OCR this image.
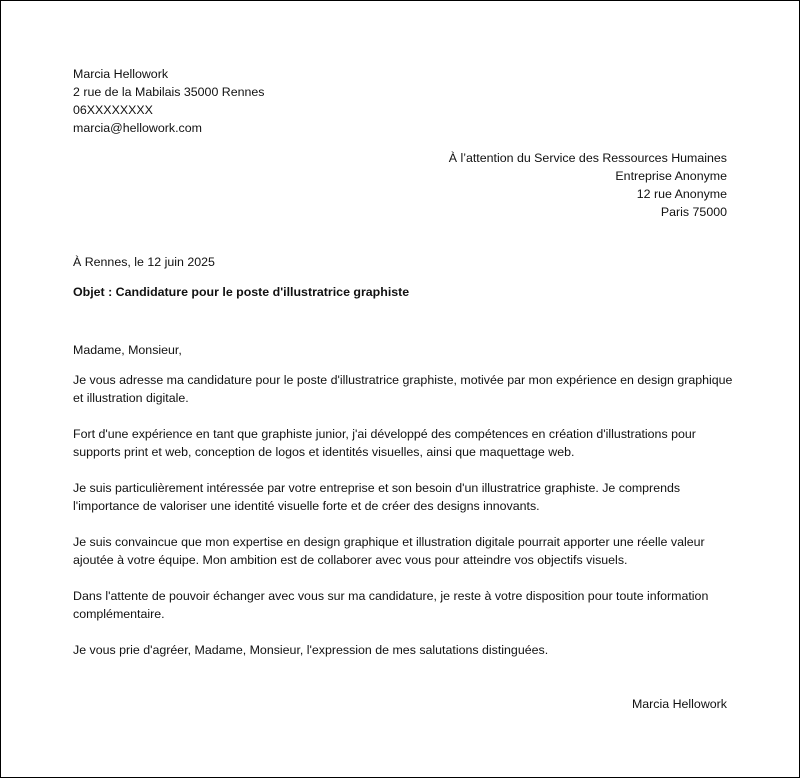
Marcia Hellowork
2 rue de la Mabilais 35000 Rennes
06XXXXXXXX
marcia@hellowork.com
À l’attention du Service des Ressources Humaines
Entreprise Anonyme
12 rue Anonyme
Paris 75000
À Rennes, le 12 juin 2025
Objet : Candidature pour le poste d'illustratrice graphiste
Madame, Monsieur,
Je vous adresse ma candidature pour le poste d'illustratrice graphiste, motivée par mon expérience en design graphique et illustration digitale.
Fort d'une expérience en tant que graphiste junior, j'ai développé des compétences en création d'illustrations pour supports print et web, conception de logos et identités visuelles, ainsi que maquettage web.
Je suis particulièrement intéressée par votre entreprise et son besoin d'un illustratrice graphiste. Je comprends l'importance de valoriser une identité visuelle forte et de créer des designs innovants.
Je suis convaincue que mon expertise en design graphique et illustration digitale pourrait apporter une réelle valeur ajoutée à votre équipe. Mon ambition est de collaborer avec vous pour atteindre vos objectifs visuels.
Dans l'attente de pouvoir échanger avec vous sur ma candidature, je reste à votre disposition pour toute information complémentaire.
Je vous prie d'agréer, Madame, Monsieur, l'expression de mes salutations distinguées.
Marcia Hellowork
